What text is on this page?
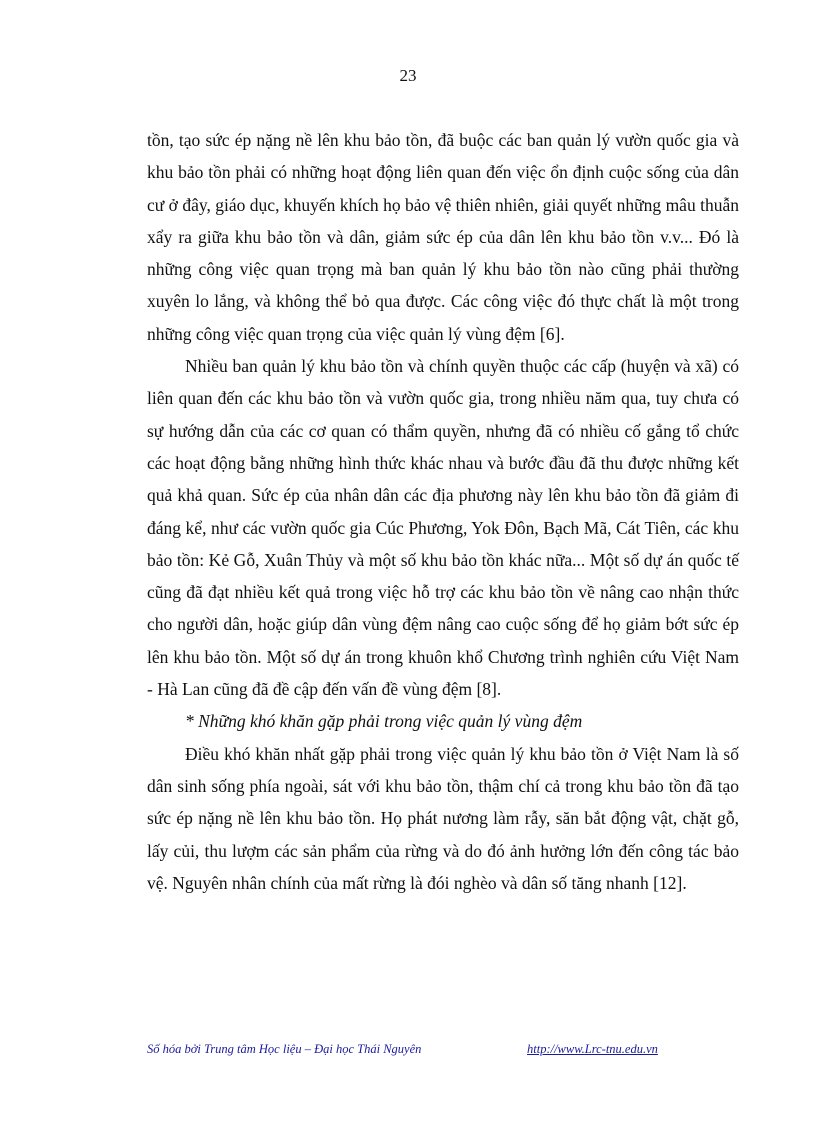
23

tồn, tạo sức ép nặng nề lên khu bảo tồn, đã buộc các ban quản lý vườn quốc gia và khu bảo tồn phải có những hoạt động liên quan đến việc ổn định cuộc sống của dân cư ở đây, giáo dục, khuyến khích họ bảo vệ thiên nhiên, giải quyết những mâu thuẫn xẩy ra giữa khu bảo tồn và dân, giảm sức ép của dân lên khu bảo tồn v.v... Đó là những công việc quan trọng mà ban quản lý khu bảo tồn nào cũng phải thường xuyên lo lắng, và không thể bỏ qua được. Các công việc đó thực chất là một trong những công việc quan trọng của việc quản lý vùng đệm [6].

Nhiều ban quản lý khu bảo tồn và chính quyền thuộc các cấp (huyện và xã) có liên quan đến các khu bảo tồn và vườn quốc gia, trong nhiều năm qua, tuy chưa có sự hướng dẫn của các cơ quan có thẩm quyền, nhưng đã có nhiều cố gắng tổ chức các hoạt động bằng những hình thức khác nhau và bước đầu đã thu được những kết quả khả quan. Sức ép của nhân dân các địa phương này lên khu bảo tồn đã giảm đi đáng kể, như các vườn quốc gia Cúc Phương, Yok Đôn, Bạch Mã, Cát Tiên, các khu bảo tồn: Kẻ Gỗ, Xuân Thủy và một số khu bảo tồn khác nữa... Một số dự án quốc tế cũng đã đạt nhiều kết quả trong việc hỗ trợ các khu bảo tồn về nâng cao nhận thức cho người dân, hoặc giúp dân vùng đệm nâng cao cuộc sống để họ giảm bớt sức ép lên khu bảo tồn. Một số dự án trong khuôn khổ Chương trình nghiên cứu Việt Nam - Hà Lan cũng đã đề cập đến vấn đề vùng đệm [8].

* Những khó khăn gặp phải trong việc quản lý vùng đệm

Điều khó khăn nhất gặp phải trong việc quản lý khu bảo tồn ở Việt Nam là số dân sinh sống phía ngoài, sát với khu bảo tồn, thậm chí cả trong khu bảo tồn đã tạo sức ép nặng nề lên khu bảo tồn. Họ phát nương làm rẫy, săn bắt động vật, chặt gỗ, lấy củi, thu lượm các sản phẩm của rừng và do đó ảnh hưởng lớn đến công tác bảo vệ. Nguyên nhân chính của mất rừng là đói nghèo và dân số tăng nhanh [12].

Số hóa bởi Trung tâm Học liệu – Đại học Thái Nguyên	http://www.Lrc-tnu.edu.vn
